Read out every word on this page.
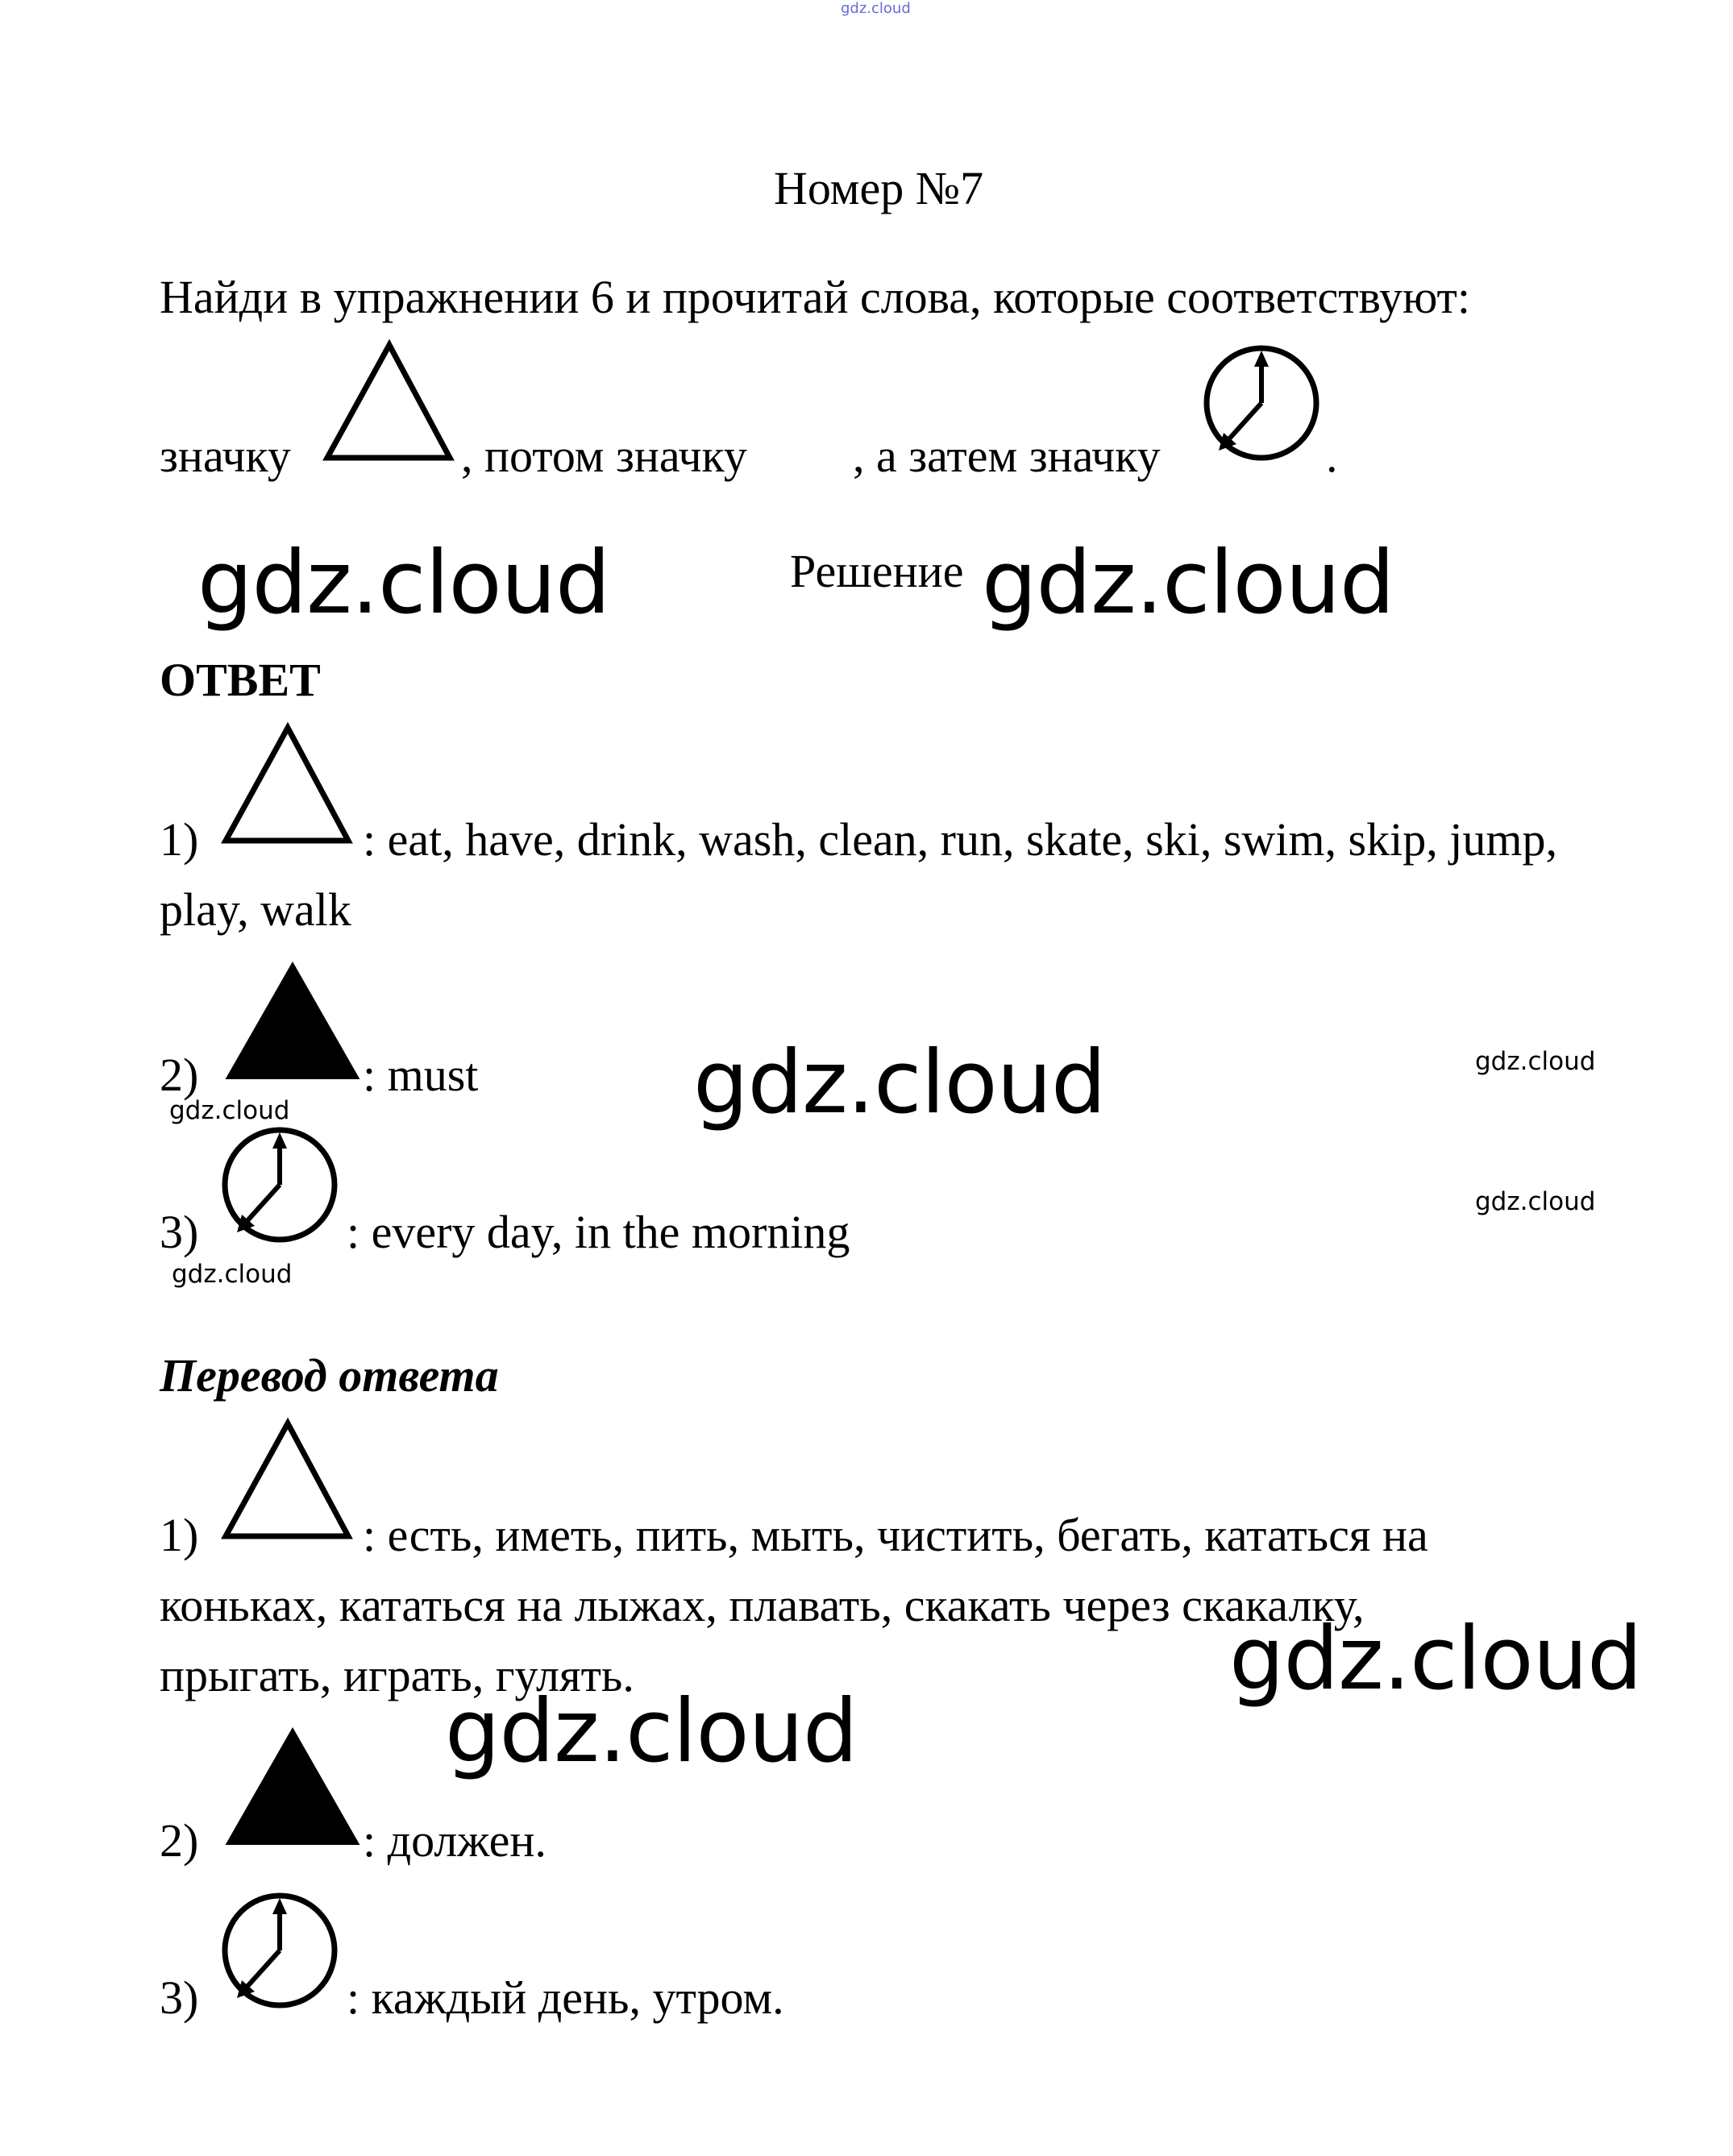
gdz.cloud
Номер №7
Найди в упражнении 6 и прочитай слова, которые соответствуют:
значку	, потом значку , а затем значку	.
gdz.cloud	Решение gdz.cloud
ОТВЕТ
1)	: eat, have, drink, wash, clean, run, skate, ski, swim, skip, jump,
play, walk
2)	: must
gdz.cloud	gdz.cloud	gdz.cloud
3)	: every day, in the morning
gdz.cloud
gdz.cloud
Перевод ответа
1)	: есть, иметь, пить, мыть, чистить, бегать, кататься на
коньках, кататься на лыжах, плавать, скакать через скакалку,
прыгать, играть, гулять.	gdz.cloud
gdz.cloud
2)	: должен.
3)	: каждый день, утром.
